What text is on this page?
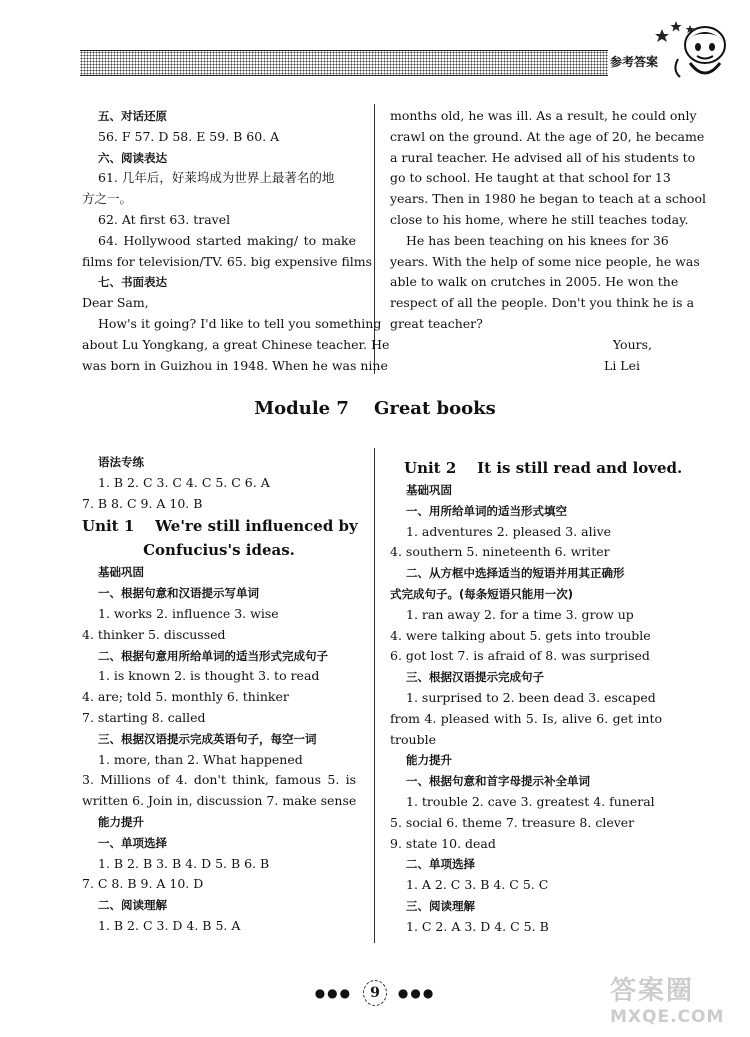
参考答案
五、对话还原
56. F 57. D 58. E 59. B 60. A
六、阅读表达
61. 几年后，好莱坞成为世界上最著名的地
方之一。
62. At first 63. travel
64. Hollywood started making/ to make
films for television/TV. 65. big expensive films
七、书面表达
Dear Sam,
How's it going? I'd like to tell you something
about Lu Yongkang, a great Chinese teacher. He
was born in Guizhou in 1948. When he was nine
months old, he was ill. As a result, he could only
crawl on the ground. At the age of 20, he became
a rural teacher. He advised all of his students to
go to school. He taught at that school for 13
years. Then in 1980 he began to teach at a school
close to his home, where he still teaches today.
He has been teaching on his knees for 36
years. With the help of some nice people, he was
able to walk on crutches in 2005. He won the
respect of all the people. Don't you think he is a
great teacher?
Yours,
Li Lei
Module 7    Great books
语法专练
1. B 2. C 3. C 4. C 5. C 6. A
7. B 8. C 9. A 10. B
Unit 1    We're still influenced by
Confucius's ideas.
基础巩固
一、根据句意和汉语提示写单词
1. works 2. influence 3. wise
4. thinker 5. discussed
二、根据句意用所给单词的适当形式完成句子
1. is known 2. is thought 3. to read
4. are; told 5. monthly 6. thinker
7. starting 8. called
三、根据汉语提示完成英语句子，每空一词
1. more, than 2. What happened
3. Millions of 4. don't think, famous 5. is
written 6. Join in, discussion 7. make sense
能力提升
一、单项选择
1. B 2. B 3. B 4. D 5. B 6. B
7. C 8. B 9. A 10. D
二、阅读理解
1. B 2. C 3. D 4. B 5. A
Unit 2    It is still read and loved.
基础巩固
一、用所给单词的适当形式填空
1. adventures 2. pleased 3. alive
4. southern 5. nineteenth 6. writer
二、从方框中选择适当的短语并用其正确形
式完成句子。(每条短语只能用一次)
1. ran away 2. for a time 3. grow up
4. were talking about 5. gets into trouble
6. got lost 7. is afraid of 8. was surprised
三、根据汉语提示完成句子
1. surprised to 2. been dead 3. escaped
from 4. pleased with 5. Is, alive 6. get into
trouble
能力提升
一、根据句意和首字母提示补全单词
1. trouble 2. cave 3. greatest 4. funeral
5. social 6. theme 7. treasure 8. clever
9. state 10. dead
二、单项选择
1. A 2. C 3. B 4. C 5. C
三、阅读理解
1. C 2. A 3. D 4. C 5. B
●●● 9 ●●●	答案圈
MXQE.COM
